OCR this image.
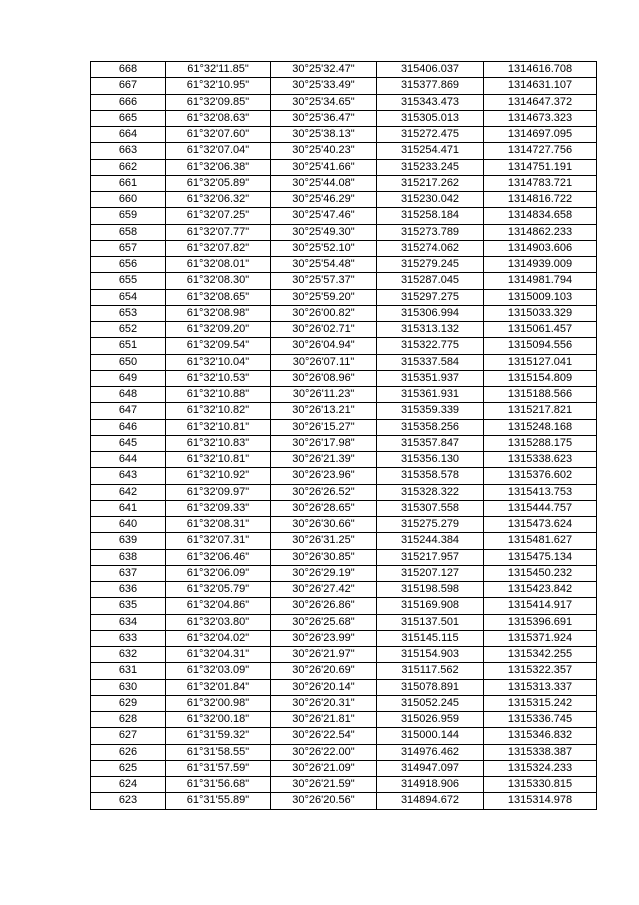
668	61°32'11.85"	30°25'32.47"	315406.037	1314616.708
667	61°32'10.95"	30°25'33.49"	315377.869	1314631.107
666	61°32'09.85"	30°25'34.65"	315343.473	1314647.372
665	61°32'08.63"	30°25'36.47"	315305.013	1314673.323
664	61°32'07.60"	30°25'38.13"	315272.475	1314697.095
663	61°32'07.04"	30°25'40.23"	315254.471	1314727.756
662	61°32'06.38"	30°25'41.66"	315233.245	1314751.191
661	61°32'05.89"	30°25'44.08"	315217.262	1314783.721
660	61°32'06.32"	30°25'46.29"	315230.042	1314816.722
659	61°32'07.25"	30°25'47.46"	315258.184	1314834.658
658	61°32'07.77"	30°25'49.30"	315273.789	1314862.233
657	61°32'07.82"	30°25'52.10"	315274.062	1314903.606
656	61°32'08.01"	30°25'54.48"	315279.245	1314939.009
655	61°32'08.30"	30°25'57.37"	315287.045	1314981.794
654	61°32'08.65"	30°25'59.20"	315297.275	1315009.103
653	61°32'08.98"	30°26'00.82"	315306.994	1315033.329
652	61°32'09.20"	30°26'02.71"	315313.132	1315061.457
651	61°32'09.54"	30°26'04.94"	315322.775	1315094.556
650	61°32'10.04"	30°26'07.11"	315337.584	1315127.041
649	61°32'10.53"	30°26'08.96"	315351.937	1315154.809
648	61°32'10.88"	30°26'11.23"	315361.931	1315188.566
647	61°32'10.82"	30°26'13.21"	315359.339	1315217.821
646	61°32'10.81"	30°26'15.27"	315358.256	1315248.168
645	61°32'10.83"	30°26'17.98"	315357.847	1315288.175
644	61°32'10.81"	30°26'21.39"	315356.130	1315338.623
643	61°32'10.92"	30°26'23.96"	315358.578	1315376.602
642	61°32'09.97"	30°26'26.52"	315328.322	1315413.753
641	61°32'09.33"	30°26'28.65"	315307.558	1315444.757
640	61°32'08.31"	30°26'30.66"	315275.279	1315473.624
639	61°32'07.31"	30°26'31.25"	315244.384	1315481.627
638	61°32'06.46"	30°26'30.85"	315217.957	1315475.134
637	61°32'06.09"	30°26'29.19"	315207.127	1315450.232
636	61°32'05.79"	30°26'27.42"	315198.598	1315423.842
635	61°32'04.86"	30°26'26.86"	315169.908	1315414.917
634	61°32'03.80"	30°26'25.68"	315137.501	1315396.691
633	61°32'04.02"	30°26'23.99"	315145.115	1315371.924
632	61°32'04.31"	30°26'21.97"	315154.903	1315342.255
631	61°32'03.09"	30°26'20.69"	315117.562	1315322.357
630	61°32'01.84"	30°26'20.14"	315078.891	1315313.337
629	61°32'00.98"	30°26'20.31"	315052.245	1315315.242
628	61°32'00.18"	30°26'21.81"	315026.959	1315336.745
627	61°31'59.32"	30°26'22.54"	315000.144	1315346.832
626	61°31'58.55"	30°26'22.00"	314976.462	1315338.387
625	61°31'57.59"	30°26'21.09"	314947.097	1315324.233
624	61°31'56.68"	30°26'21.59"	314918.906	1315330.815
623	61°31'55.89"	30°26'20.56"	314894.672	1315314.978
